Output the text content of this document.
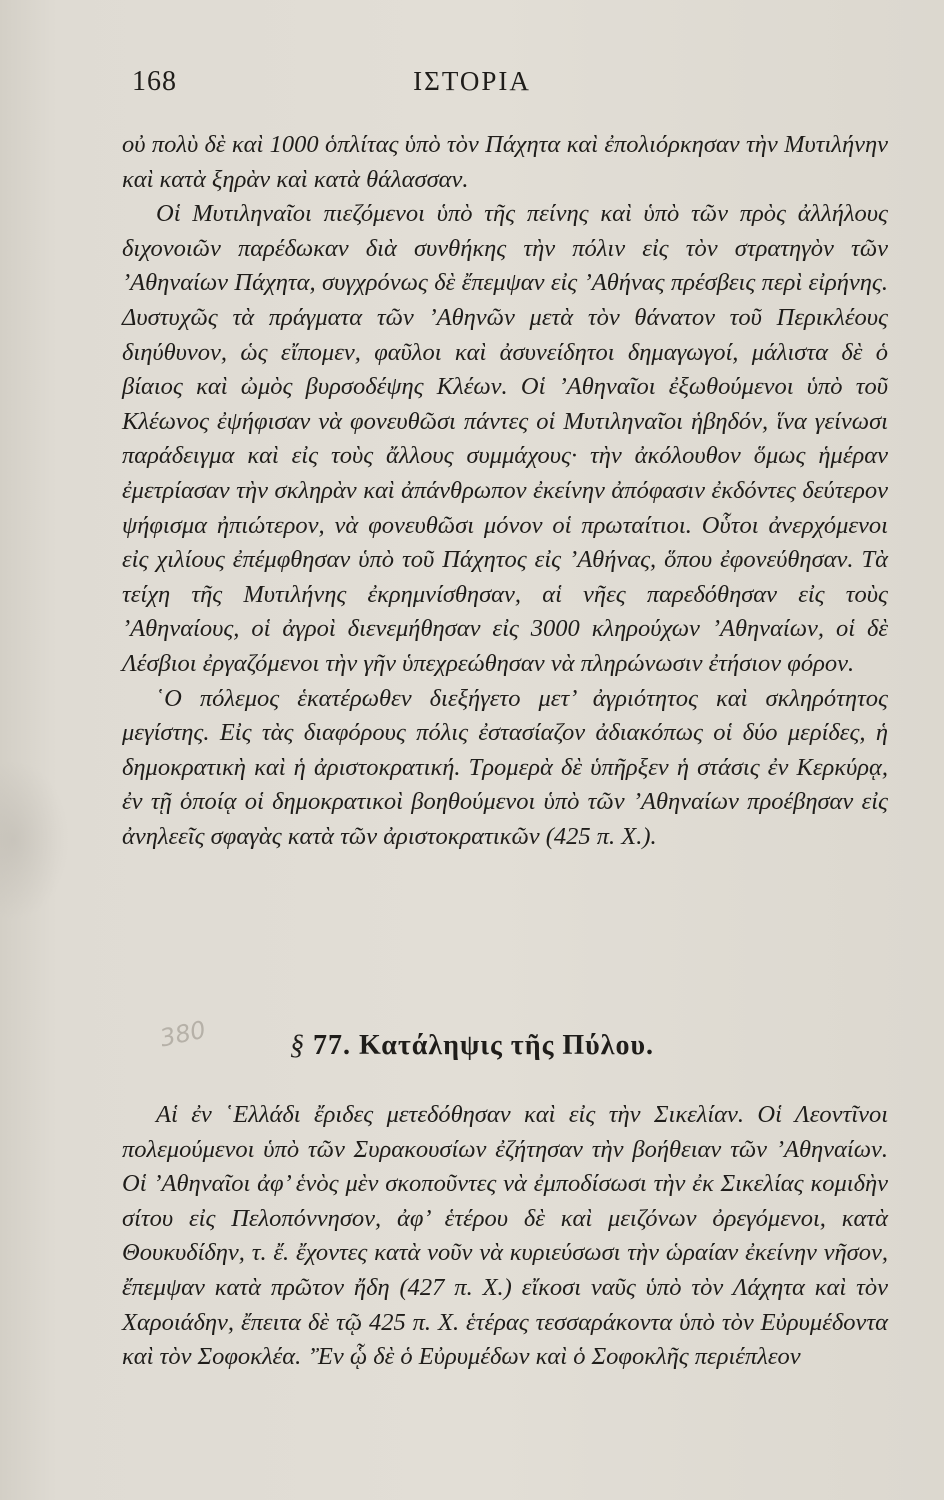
168	ΙΣΤΟΡΙΑ

οὐ πολὺ δὲ καὶ 1000 ὁπλίτας ὑπὸ τὸν Πάχητα καὶ ἐπολιόρκησαν τὴν Μυτιλήνην καὶ κατὰ ξηρὰν καὶ κατὰ θάλασσαν.

Οἱ Μυτιληναῖοι πιεζόμενοι ὑπὸ τῆς πείνης καὶ ὑπὸ τῶν πρὸς ἀλλήλους διχονοιῶν παρέδωκαν διὰ συνθήκης τὴν πόλιν εἰς τὸν στρατηγὸν τῶν ’Αθηναίων Πάχητα, συγχρόνως δὲ ἔπεμψαν εἰς ’Αθήνας πρέσβεις περὶ εἰρήνης. Δυστυχῶς τὰ πράγματα τῶν ’Αθηνῶν μετὰ τὸν θάνατον τοῦ Περικλέους διηύθυνον, ὡς εἴπομεν, φαῦλοι καὶ ἀσυνείδητοι δημαγωγοί, μάλιστα δὲ ὁ βίαιος καὶ ὠμὸς βυρσοδέψης Κλέων. Οἱ ’Αθηναῖοι ἐξωθούμενοι ὑπὸ τοῦ Κλέωνος ἐψήφισαν νὰ φονευθῶσι πάντες οἱ Μυτιληναῖοι ἡβηδόν, ἵνα γείνωσι παράδειγμα καὶ εἰς τοὺς ἄλλους συμμάχους· τὴν ἀκόλουθον ὅμως ἡμέραν ἐμετρίασαν τὴν σκληρὰν καὶ ἀπάνθρωπον ἐκείνην ἀπόφασιν ἐκδόντες δεύτερον ψήφισμα ἠπιώτερον, νὰ φονευθῶσι μόνον οἱ πρωταίτιοι. Οὗτοι ἀνερχόμενοι εἰς χιλίους ἐπέμφθησαν ὑπὸ τοῦ Πάχητος εἰς ’Αθήνας, ὅπου ἐφονεύθησαν. Τὰ τείχη τῆς Μυτιλήνης ἐκρημνίσθησαν, αἱ νῆες παρεδόθησαν εἰς τοὺς ’Αθηναίους, οἱ ἀγροὶ διενεμήθησαν εἰς 3000 κληρούχων ’Αθηναίων, οἱ δὲ Λέσβιοι ἐργαζόμενοι τὴν γῆν ὑπεχρεώθησαν νὰ πληρώνωσιν ἐτήσιον φόρον.

῾Ο πόλεμος ἑκατέρωθεν διεξήγετο μετ’ ἀγριότητος καὶ σκληρότητος μεγίστης. Εἰς τὰς διαφόρους πόλις ἐστασίαζον ἀδιακόπως οἱ δύο μερίδες, ἡ δημοκρατικὴ καὶ ἡ ἀριστοκρατική. Τρομερὰ δὲ ὑπῆρξεν ἡ στάσις ἐν Κερκύρᾳ, ἐν τῇ ὁποίᾳ οἱ δημοκρατικοὶ βοηθούμενοι ὑπὸ τῶν ’Αθηναίων προέβησαν εἰς ἀνηλεεῖς σφαγὰς κατὰ τῶν ἀριστοκρατικῶν (425 π. Χ.).

380	§ 77. Κατάληψις τῆς Πύλου.

Αἱ ἐν ῾Ελλάδι ἔριδες μετεδόθησαν καὶ εἰς τὴν Σικελίαν. Οἱ Λεοντῖνοι πολεμούμενοι ὑπὸ τῶν Συρακουσίων ἐζήτησαν τὴν βοήθειαν τῶν ’Αθηναίων. Οἱ ’Αθηναῖοι ἀφ’ ἑνὸς μὲν σκοποῦντες νὰ ἐμποδίσωσι τὴν ἐκ Σικελίας κομιδὴν σίτου εἰς Πελοπόννησον, ἀφ’ ἑτέρου δὲ καὶ μειζόνων ὀρεγόμενοι, κατὰ Θουκυδίδην, τ. ἔ. ἔχοντες κατὰ νοῦν νὰ κυριεύσωσι τὴν ὡραίαν ἐκείνην νῆσον, ἔπεμψαν κατὰ πρῶτον ἤδη (427 π. Χ.) εἴκοσι ναῦς ὑπὸ τὸν Λάχητα καὶ τὸν Χαροιάδην, ἔπειτα δὲ τῷ 425 π. Χ. ἑτέρας τεσσαράκοντα ὑπὸ τὸν Εὐρυμέδοντα καὶ τὸν Σοφοκλέα. ’Ἐν ᾧ δὲ ὁ Εὐρυμέδων καὶ ὁ Σοφοκλῆς περιέπλεον
